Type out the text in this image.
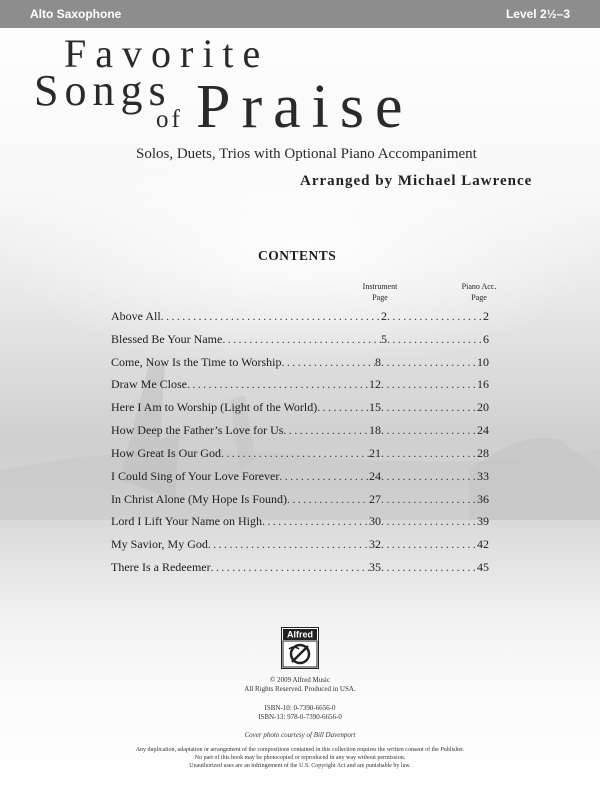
Alto Saxophone	Level 2½–3
Favorite
Songs
of Praise
Solos, Duets, Trios with Optional Piano Accompaniment
Arranged by Michael Lawrence
CONTENTS
Instrument
Page
Piano Acc.
Page
Above All .....	2 .....	2
Blessed Be Your Name .....	5 .....	6
Come, Now Is the Time to Worship .....	8 .....	10
Draw Me Close .....	12 .....	16
Here I Am to Worship (Light of the World) .....	15 .....	20
How Deep the Father’s Love for Us .....	18 .....	24
How Great Is Our God .....	21 .....	28
I Could Sing of Your Love Forever .....	24 .....	33
In Christ Alone (My Hope Is Found) .....	27 .....	36
Lord I Lift Your Name on High .....	30 .....	39
My Savior, My God .....	32 .....	42
There Is a Redeemer .....	35 .....	45
Alfred
© 2009 Alfred Music
All Rights Reserved. Produced in USA.
ISBN-10: 0-7390-6656-0
ISBN-13: 978-0-7390-6656-0
Cover photo courtesy of Bill Davenport
Any duplication, adaptation or arrangement of the compositions contained in this collection requires the written consent of the Publisher.
No part of this book may be photocopied or reproduced in any way without permission.
Unauthorized uses are an infringement of the U.S. Copyright Act and are punishable by law.
